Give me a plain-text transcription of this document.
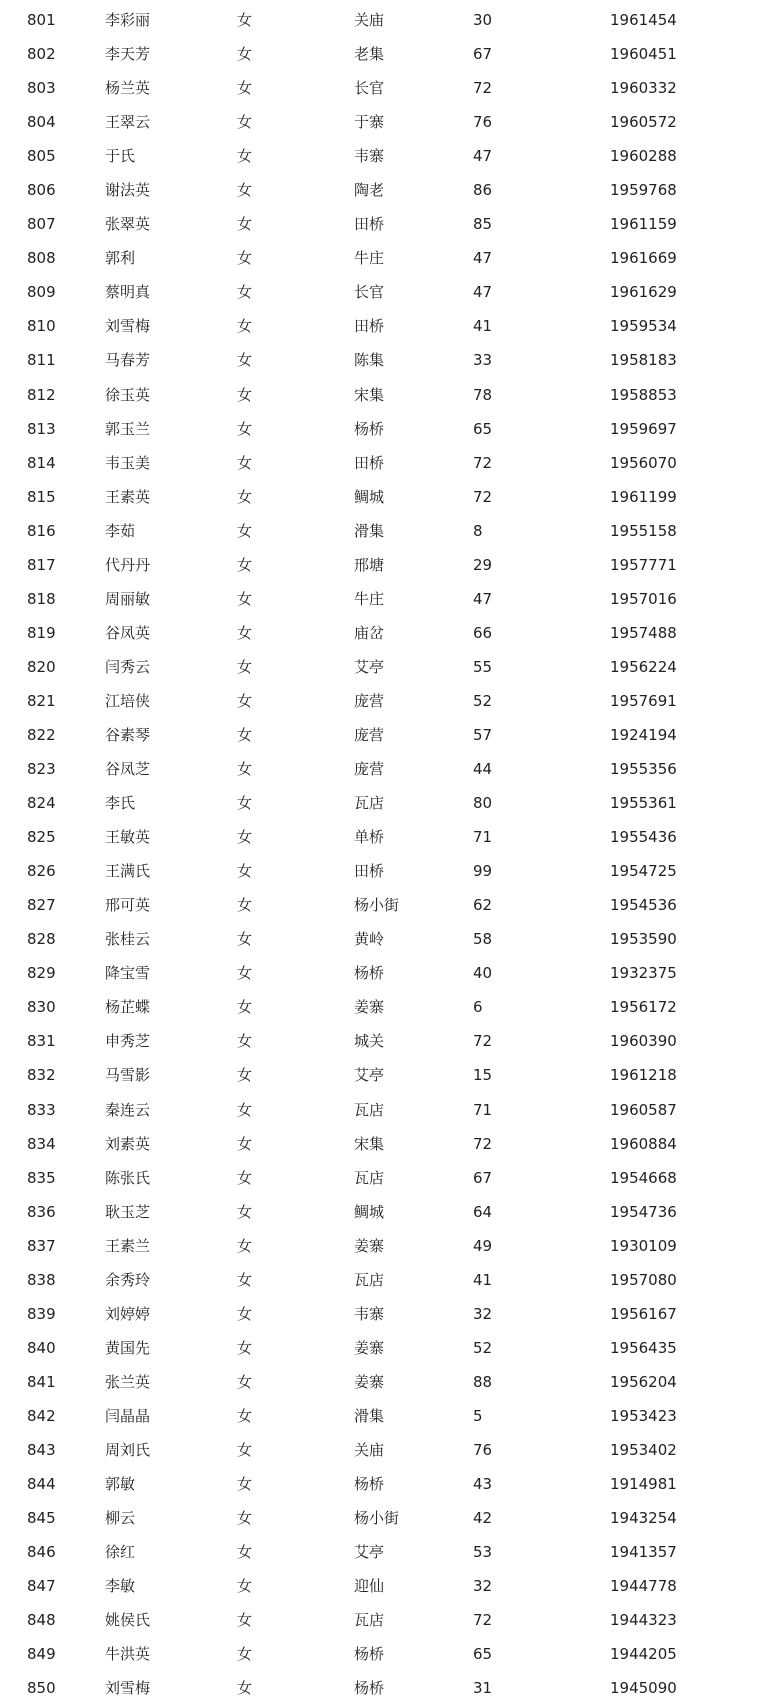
801	李彩丽	女	关庙	30	1961454
802	李天芳	女	老集	67	1960451
803	杨兰英	女	长官	72	1960332
804	王翠云	女	于寨	76	1960572
805	于氏	女	韦寨	47	1960288
806	谢法英	女	陶老	86	1959768
807	张翠英	女	田桥	85	1961159
808	郭利	女	牛庄	47	1961669
809	蔡明真	女	长官	47	1961629
810	刘雪梅	女	田桥	41	1959534
811	马春芳	女	陈集	33	1958183
812	徐玉英	女	宋集	78	1958853
813	郭玉兰	女	杨桥	65	1959697
814	韦玉美	女	田桥	72	1956070
815	王素英	女	鲷城	72	1961199
816	李茹	女	滑集	8	1955158
817	代丹丹	女	邢塘	29	1957771
818	周丽敏	女	牛庄	47	1957016
819	谷凤英	女	庙岔	66	1957488
820	闫秀云	女	艾亭	55	1956224
821	江培侠	女	庞营	52	1957691
822	谷素琴	女	庞营	57	1924194
823	谷凤芝	女	庞营	44	1955356
824	李氏	女	瓦店	80	1955361
825	王敏英	女	单桥	71	1955436
826	王满氏	女	田桥	99	1954725
827	邢可英	女	杨小街	62	1954536
828	张桂云	女	黄岭	58	1953590
829	降宝雪	女	杨桥	40	1932375
830	杨芷蝶	女	姜寨	6	1956172
831	申秀芝	女	城关	72	1960390
832	马雪影	女	艾亭	15	1961218
833	秦连云	女	瓦店	71	1960587
834	刘素英	女	宋集	72	1960884
835	陈张氏	女	瓦店	67	1954668
836	耿玉芝	女	鲷城	64	1954736
837	王素兰	女	姜寨	49	1930109
838	余秀玲	女	瓦店	41	1957080
839	刘婷婷	女	韦寨	32	1956167
840	黄国先	女	姜寨	52	1956435
841	张兰英	女	姜寨	88	1956204
842	闫晶晶	女	滑集	5	1953423
843	周刘氏	女	关庙	76	1953402
844	郭敏	女	杨桥	43	1914981
845	柳云	女	杨小街	42	1943254
846	徐红	女	艾亭	53	1941357
847	李敏	女	迎仙	32	1944778
848	姚侯氏	女	瓦店	72	1944323
849	牛洪英	女	杨桥	65	1944205
850	刘雪梅	女	杨桥	31	1945090
